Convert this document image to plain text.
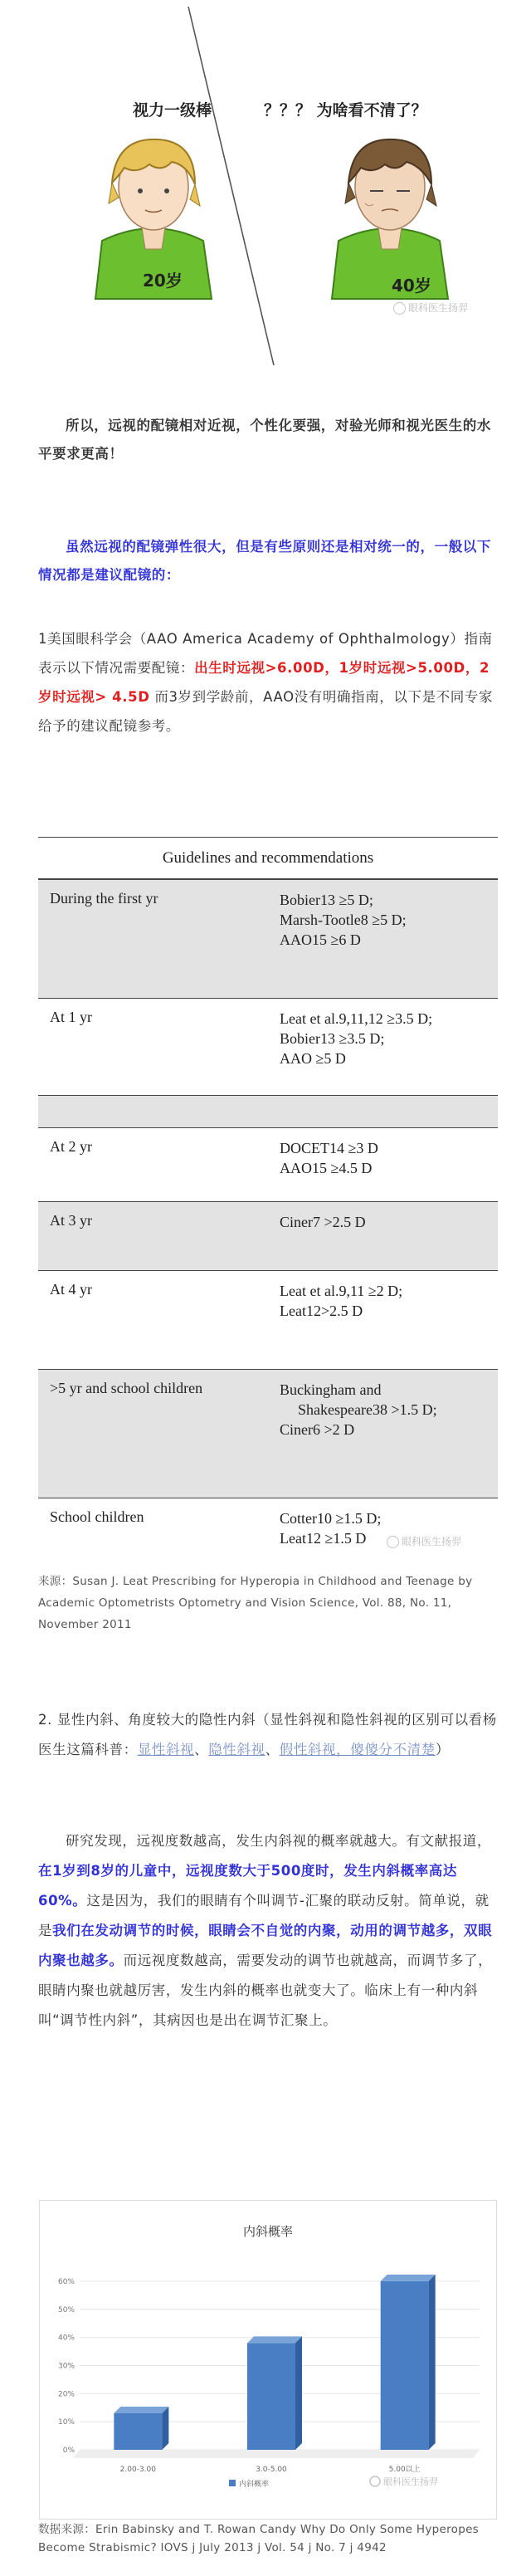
视力一级棒	？？？ 为啥看不清了？
20岁	40岁
眼科医生扬羿
所以，远视的配镜相对近视，个性化要强，对验光师和视光医生的水平要求更高！
虽然远视的配镜弹性很大，但是有些原则还是相对统一的，一般以下情况都是建议配镜的：
1美国眼科学会（AAO America Academy of Ophthalmology）指南表示以下情况需要配镜：出生时远视>6.00D，1岁时远视>5.00D，2岁时远视> 4.5D 而3岁到学龄前，AAO没有明确指南，以下是不同专家给予的建议配镜参考。
Guidelines and recommendations
During the first yr	Bobier13 ≥5 D;
Marsh-Tootle8 ≥5 D;
AAO15 ≥6 D
At 1 yr	Leat et al.9,11,12 ≥3.5 D;
Bobier13 ≥3.5 D;
AAO ≥5 D
At 2 yr	DOCET14 ≥3 D
AAO15 ≥4.5 D
At 3 yr	Ciner7 >2.5 D
At 4 yr	Leat et al.9,11 ≥2 D;
Leat12>2.5 D
>5 yr and school children	Buckingham and
Shakespeare38 >1.5 D;
Ciner6 >2 D
School children	Cotter10 ≥1.5 D;
Leat12 ≥1.5 D	眼科医生扬羿
来源：Susan J. Leat Prescribing for Hyperopia in Childhood and Teenage by Academic Optometrists Optometry and Vision Science, Vol. 88, No. 11, November 2011
2. 显性内斜、角度较大的隐性内斜（显性斜视和隐性斜视的区别可以看杨医生这篇科普：显性斜视、隐性斜视、假性斜视，傻傻分不清楚）
研究发现，远视度数越高，发生内斜视的概率就越大。有文献报道，在1岁到8岁的儿童中，远视度数大于500度时，发生内斜概率高达60%。这是因为，我们的眼睛有个叫调节-汇聚的联动反射。简单说，就是我们在发动调节的时候，眼睛会不自觉的内聚，动用的调节越多，双眼内聚也越多。而远视度数越高，需要发动的调节也就越高，而调节多了，眼睛内聚也就越厉害，发生内斜的概率也就变大了。临床上有一种内斜叫“调节性内斜”，其病因也是出在调节汇聚上。
内斜概率
0%
10%
20%
30%
40%
50%
60%
2.00-3.00	3.0-5.00	5.00以上
内斜概率	眼科医生扬羿
数据来源：Erin Babinsky and T. Rowan Candy Why Do Only Some Hyperopes Become Strabismic? IOVS j July 2013 j Vol. 54 j No. 7 j 4942
